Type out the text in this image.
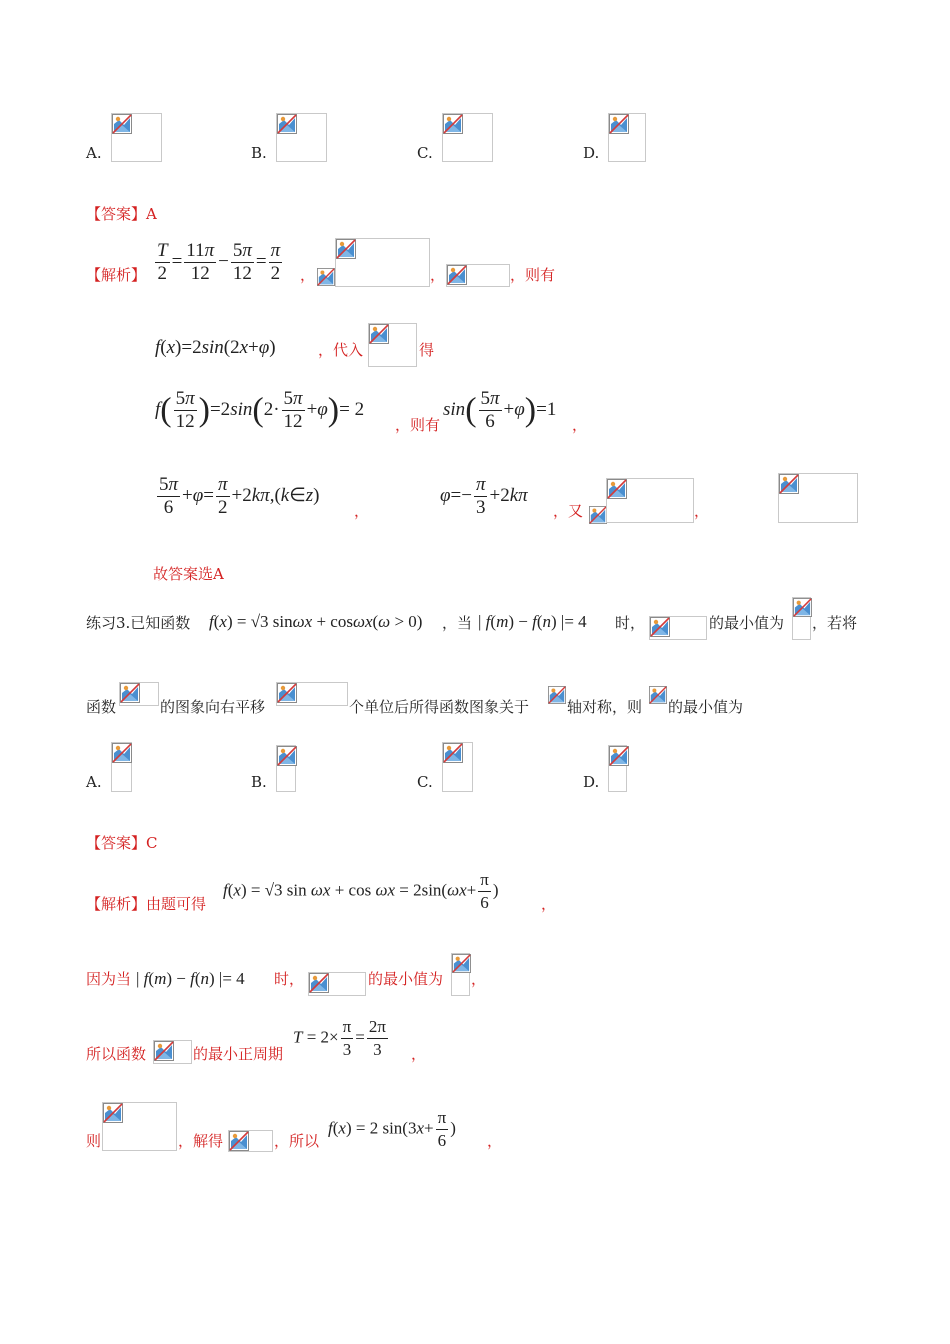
A.	B.	C.	D.
【答案】A
【解析】 $\frac{T}{2} = \frac{11\pi}{12} - \frac{5\pi}{12} = \frac{\pi}{2}$ ，	，	，则有
f(x)=2sin(2x+φ)	，代入	得
$f( \frac{5\pi}{12} )=2\sin(2\cdot \frac{5\pi}{12} +\varphi)= 2$
，则有
$\sin( \frac{5\pi}{6} +\varphi)=1$
，
$\frac{5\pi}{6} +\varphi= \frac{\pi}{2}$ +2kπ,(k∈z)
，
$\varphi=- \frac{\pi}{3} +2k\pi$
，又	，
故答案选A
练习3.已知函数 f(x) = √3 sinωx + cosωx(ω > 0) ，当 | f(m) − f(n) |= 4 时，	的最小值为 ，若将
函数	的图象向右平移	个单位后所得函数图象关于	轴对称，则 的最小值为
A.	B.	C.	D.
【答案】C
【解析】由题可得
f(x) = √3 $\sin \omega x + \cos \omega x = 2\sin(\omega x+ \frac{\pi}{6}$ )
，
因为当 | f(m) − f(n) |= 4 时，	的最小值为 ，
所以函数	的最小正周期
$T = 2\times \frac{\pi}{3} = \frac{2\pi}{3}$ ，
则	，解得	，所以
f(x) = 2 $\sin(3x+ \frac{\pi}{6}$ )
，
